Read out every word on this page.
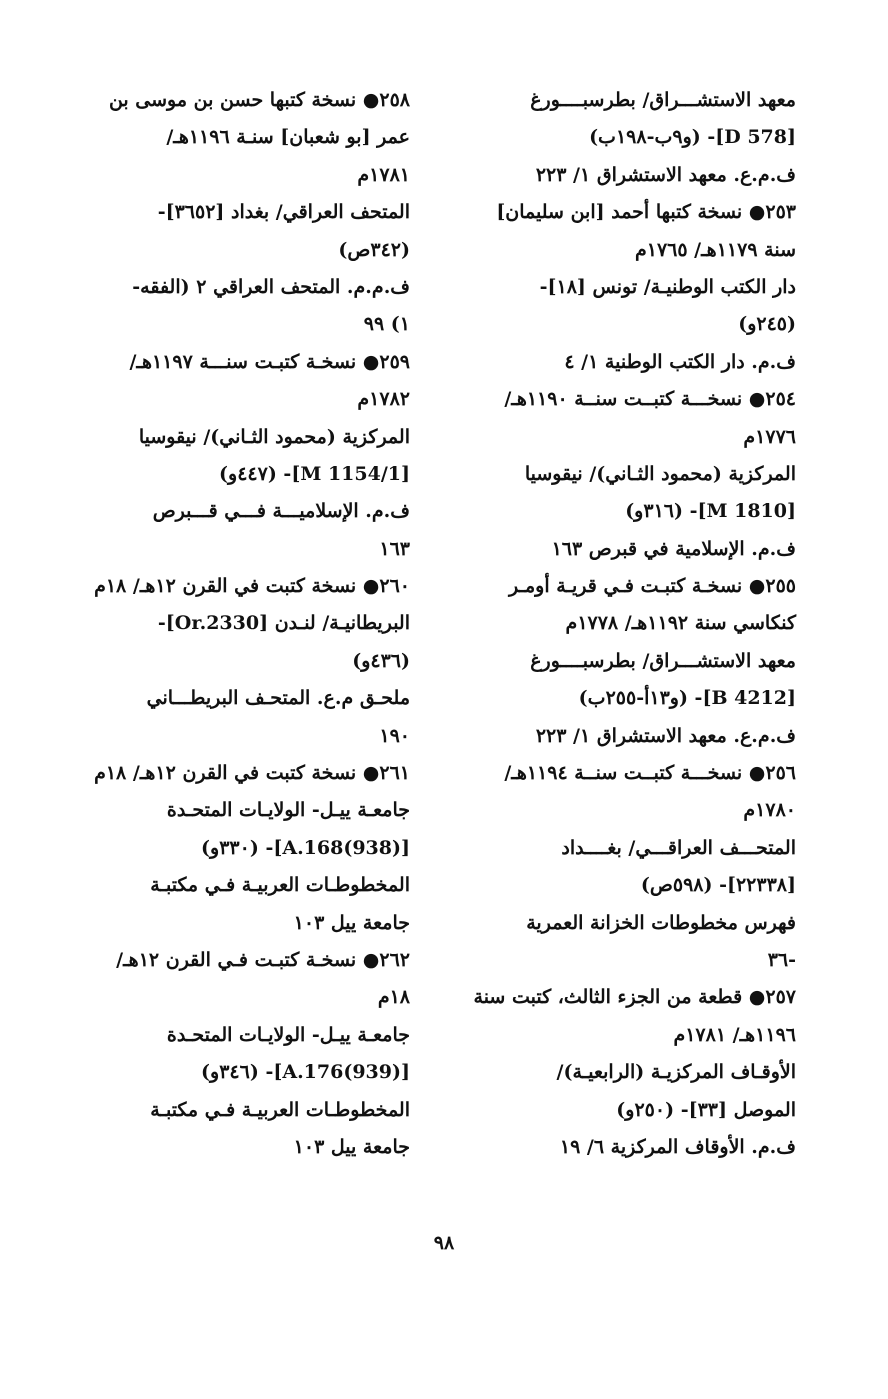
معهد الاستشـــراق/ بطرسبــــورغ
[D 578]- (و٩ب-١٩٨ب)
ف.م.ع. معهد الاستشراق ١/ ٢٢٣
٢٥٣● نسخة كتبها أحمد [ابن سليمان]
سنة ١١٧٩هـ/ ١٧٦٥م
دار الكتب الوطنيـة/ تونس [١٨]-
(٢٤٥و)
ف.م. دار الكتب الوطنية ١/ ٤
٢٥٤● نسخـــة كتبــت سنــة ١١٩٠هـ/
١٧٧٦م
المركزية (محمود الثـاني)/ نيقوسيا
[M 1810]- (٣١٦و)
ف.م. الإسلامية في قبرص ١٦٣
٢٥٥● نسخـة كتبـت فـي قريـة أومـر
كنكاسي سنة ١١٩٢هـ/ ١٧٧٨م
معهد الاستشـــراق/ بطرسبــــورغ
[B 4212]- (و١٣أ-٢٥٥ب)
ف.م.ع. معهد الاستشراق ١/ ٢٢٣
٢٥٦● نسخـــة كتبــت سنــة ١١٩٤هـ/
١٧٨٠م
المتحـــف العراقـــي/ بغــــداد
[٢٢٣٣٨]- (٥٩٨ص)
فهرس مخطوطات الخزانة العمرية
-٣٦
٢٥٧● قطعة من الجزء الثالث، كتبت سنة
١١٩٦هـ/ ١٧٨١م
الأوقـاف المركزيـة (الرابعيـة)/
الموصل [٣٣]- (٢٥٠و)
ف.م. الأوقاف المركزية ٦/ ١٩
٢٥٨● نسخة كتبها حسن بن موسى بن
عمر [بو شعبان] سنـة ١١٩٦هـ/
١٧٨١م
المتحف العراقي/ بغداد [٣٦٥٢]-
(٣٤٢ص)
ف.م.م. المتحف العراقي ٢ (الفقه-
١) ٩٩
٢٥٩● نسخـة كتبـت سنـــة ١١٩٧هـ/
١٧٨٢م
المركزية (محمود الثـاني)/ نيقوسيا
[M 1154/1]- (٤٤٧و)
ف.م. الإسلاميـــة فـــي قـــبرص
١٦٣
٢٦٠● نسخة كتبت في القرن ١٢هـ/ ١٨م
البريطانيـة/ لنـدن [Or.2330]-
(٤٣٦و)
ملحـق م.ع. المتحـف البريطـــاني
١٩٠
٢٦١● نسخة كتبت في القرن ١٢هـ/ ١٨م
جامعـة ييـل- الولايـات المتحـدة
[A.168(938)]- (٣٣٠و)
المخطوطـات العربيـة فـي مكتبـة
جامعة ييل ١٠٣
٢٦٢● نسخـة كتبـت فـي القرن ١٢هـ/
١٨م
جامعـة ييـل- الولايـات المتحـدة
[A.176(939)]- (٣٤٦و)
المخطوطـات العربيـة فـي مكتبـة
جامعة ييل ١٠٣
٩٨
